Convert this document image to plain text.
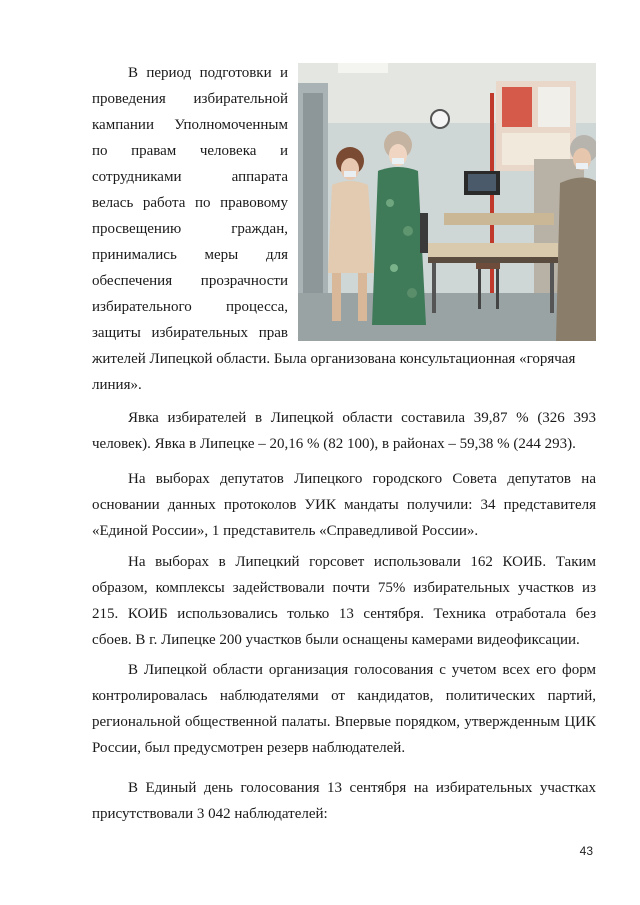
В период подготовки и
проведения избирательной
кампании Уполномоченным
по правам человека и
сотрудниками	аппарата
велась работа по правовому
просвещению	граждан,
принимались меры для
обеспечения прозрачности
избирательного процесса,
защиты избирательных прав
жителей Липецкой области. Была организована консультационная «горячая
линия».
Явка избирателей в Липецкой области составила 39,87 % (326 393
человек). Явка в Липецке – 20,16 % (82 100), в районах – 59,38 % (244 293).
На выборах депутатов Липецкого городского Совета депутатов на
основании данных протоколов УИК мандаты получили: 34 представителя
«Единой России», 1 представитель «Справедливой России».
На выборах в Липецкий горсовет использовали 162 КОИБ. Таким
образом, комплексы задействовали почти 75% избирательных участков из
215. КОИБ использовались только 13 сентября. Техника отработала без
сбоев. В г. Липецке 200 участков были оснащены камерами видеофиксации.
В Липецкой области организация голосования с учетом всех его форм
контролировалась наблюдателями от кандидатов, политических партий,
региональной общественной палаты. Впервые порядком, утвержденным ЦИК
России, был предусмотрен резерв наблюдателей.
В Единый день голосования 13 сентября на избирательных участках
присутствовали 3 042 наблюдателей:
43
